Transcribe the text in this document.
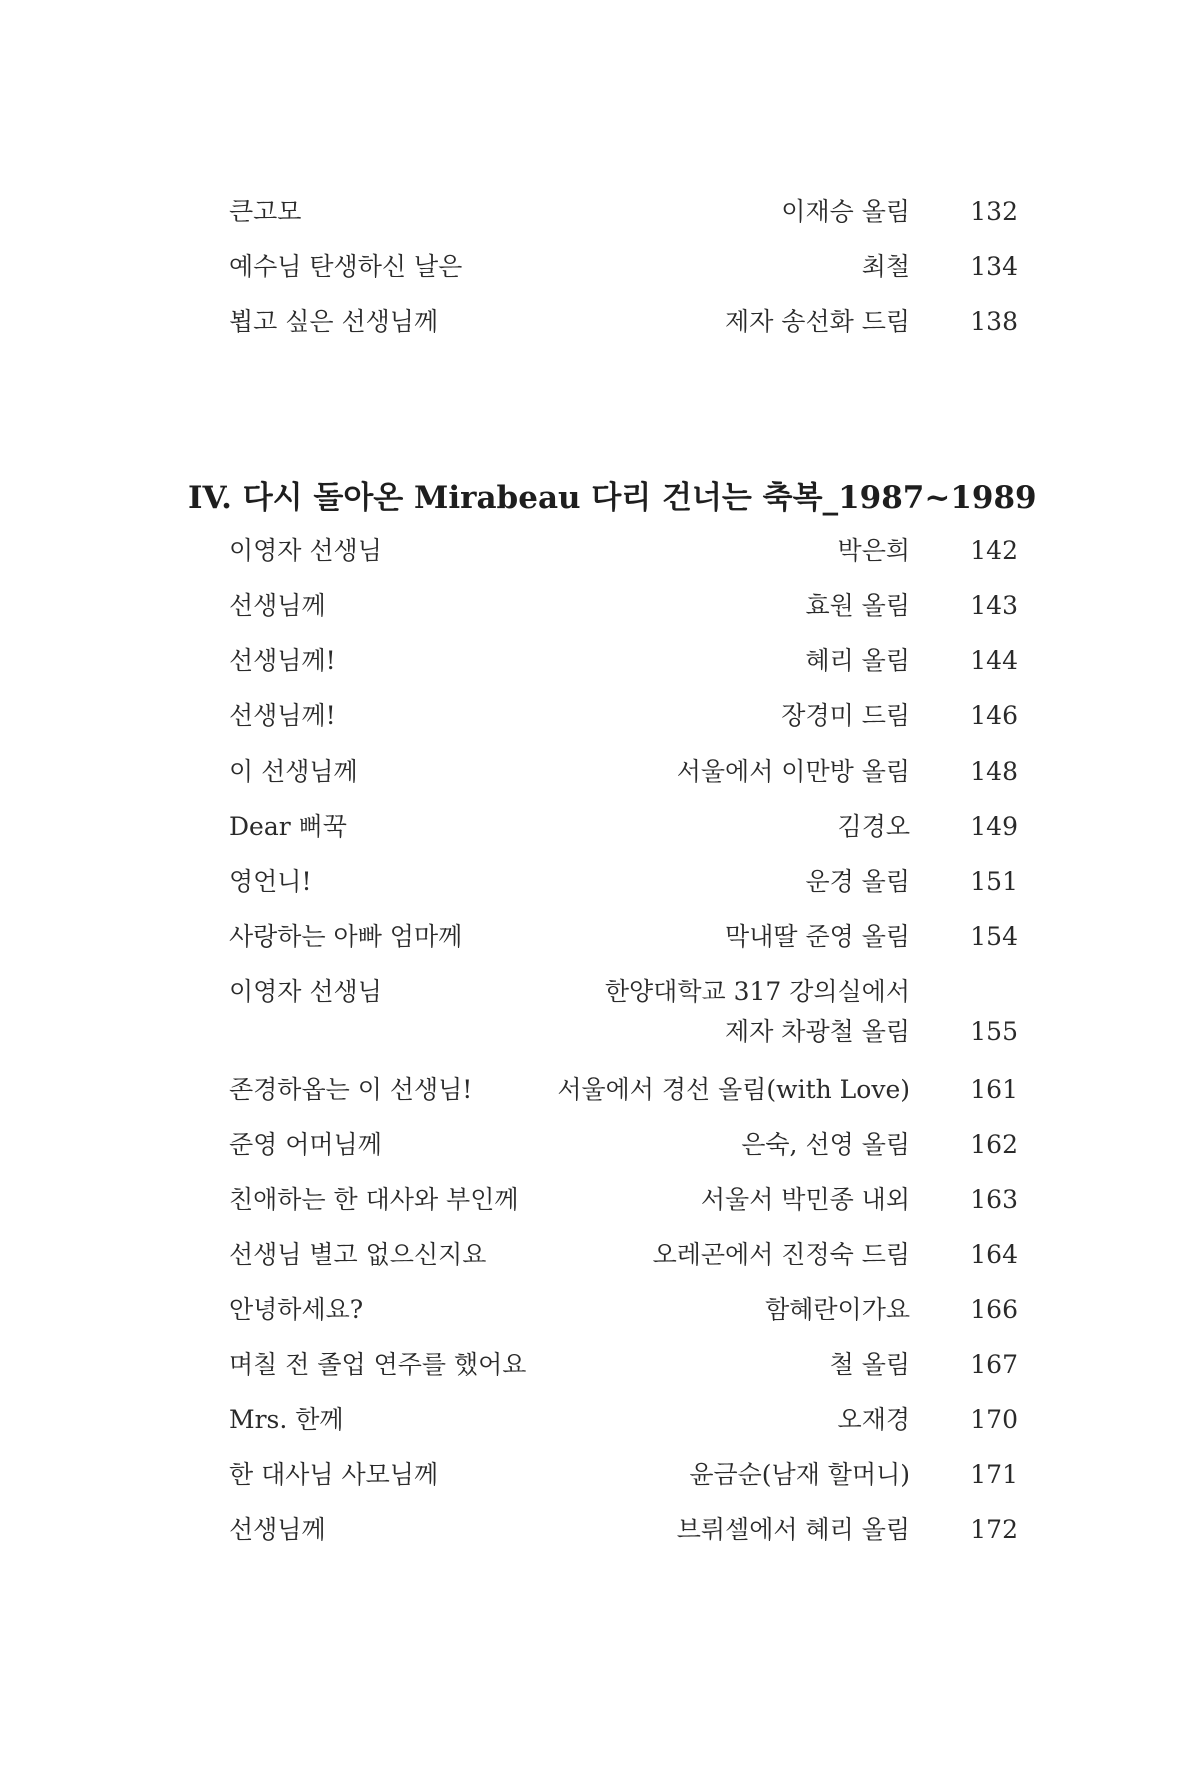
큰고모	이재승 올림 132
예수님 탄생하신 날은	최철 134
뵙고 싶은 선생님께	제자 송선화 드림 138
IV. 다시 돌아온 Mirabeau 다리 건너는 축복_1987~1989
이영자 선생님	박은희 142
선생님께	효원 올림 143
선생님께!	혜리 올림 144
선생님께!	장경미 드림 146
이 선생님께	서울에서 이만방 올림 148
Dear 뻐꾹	김경오 149
영언니!	운경 올림 151
사랑하는 아빠 엄마께	막내딸 준영 올림 154
이영자 선생님	한양대학교 317 강의실에서
제자 차광철 올림 155
존경하옵는 이 선생님!	서울에서 경선 올림(with Love) 161
준영 어머님께	은숙, 선영 올림 162
친애하는 한 대사와 부인께	서울서 박민종 내외 163
선생님 별고 없으신지요	오레곤에서 진정숙 드림 164
안녕하세요?	함혜란이가요 166
며칠 전 졸업 연주를 했어요	철 올림 167
Mrs. 한께	오재경 170
한 대사님 사모님께	윤금순(남재 할머니) 171
선생님께	브뤼셀에서 혜리 올림 172
